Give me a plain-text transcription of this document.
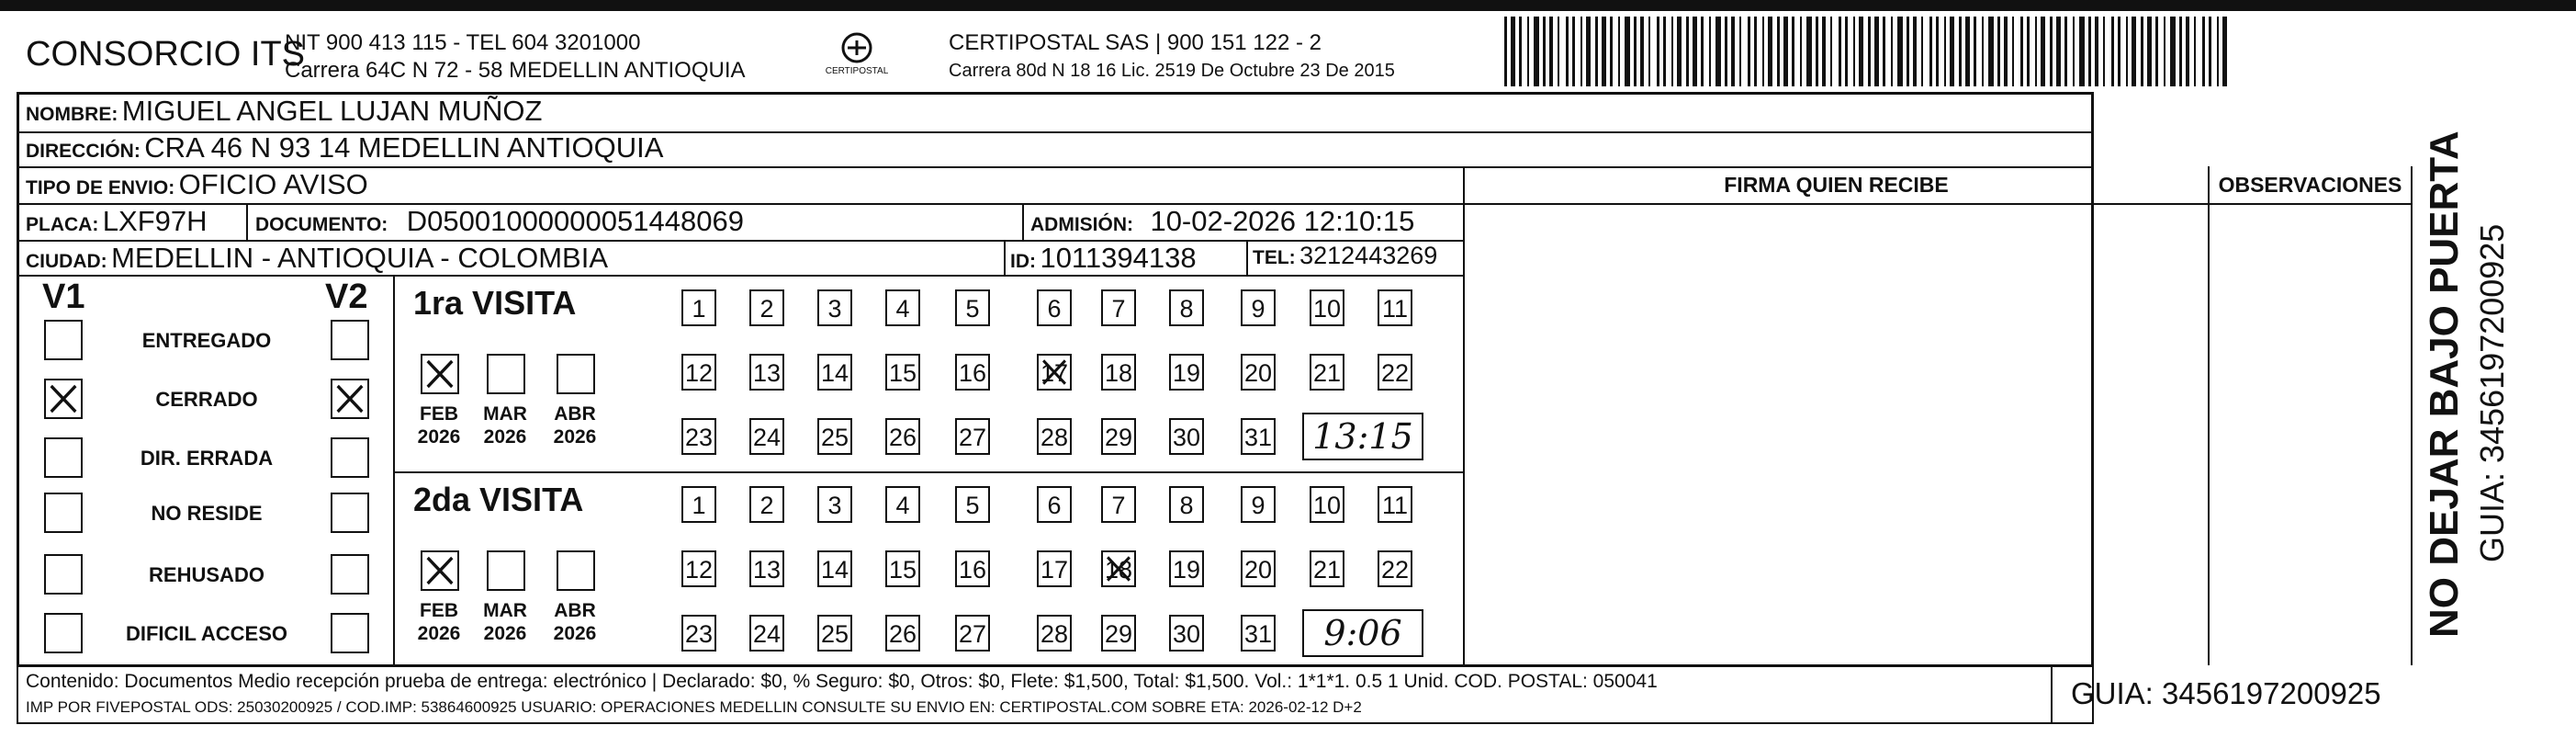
CONSORCIO ITS
NIT 900 413 115 - TEL 604 3201000
Carrera 64C N 72 - 58 MEDELLIN ANTIOQUIA	CERTIPOSTAL
CERTIPOSTAL SAS | 900 151 122 - 2
Carrera 80d N 18 16 Lic. 2519 De Octubre 23 De 2015
NOMBRE: MIGUEL ANGEL LUJAN MUÑOZ
DIRECCIÓN: CRA 46 N 93 14 MEDELLIN ANTIOQUIA
TIPO DE ENVIO: OFICIO AVISO
PLACA: LXF97H DOCUMENTO: D05001000000051448069	ADMISIÓN: 10-02-2026 12:10:15
CIUDAD: MEDELLIN - ANTIOQUIA - COLOMBIA	ID: 1011394138	TEL: 3212443269
FIRMA QUIEN RECIBE	OBSERVACIONES
V1	V2
ENTREGADO
CERRADO
DIR. ERRADA
NO RESIDE
REHUSADO
DIFICIL ACCESO
1ra VISITA
FEB
2026
MAR
2026
ABR
2026
1	2	3	4	5	6	7	8	9	10 11
12 13 14 15 16 17 18 19 20 21 22
23 24 25 26 27 28 29 30 31 13:15
2da VISITA
FEB
2026
MAR
2026
ABR
2026
1	2	3	4	5	6	7	8	9	10 11
12 13 14 15 16 17 18 19 20 21 22
23 24 25 26 27 28 29 30 31	9:06
Contenido: Documentos Medio recepción prueba de entrega: electrónico | Declarado: $0, % Seguro: $0, Otros: $0, Flete: $1,500, Total: $1,500. Vol.: 1*1*1. 0.5 1 Unid. COD. POSTAL: 050041
IMP POR FIVEPOSTAL ODS: 25030200925 / COD.IMP: 53864600925 USUARIO: OPERACIONES MEDELLIN CONSULTE SU ENVIO EN: CERTIPOSTAL.COM SOBRE ETA: 2026-02-12 D+2	GUIA: 3456197200925
NO DEJAR BAJO PUERTA GUIA: 3456197200925
